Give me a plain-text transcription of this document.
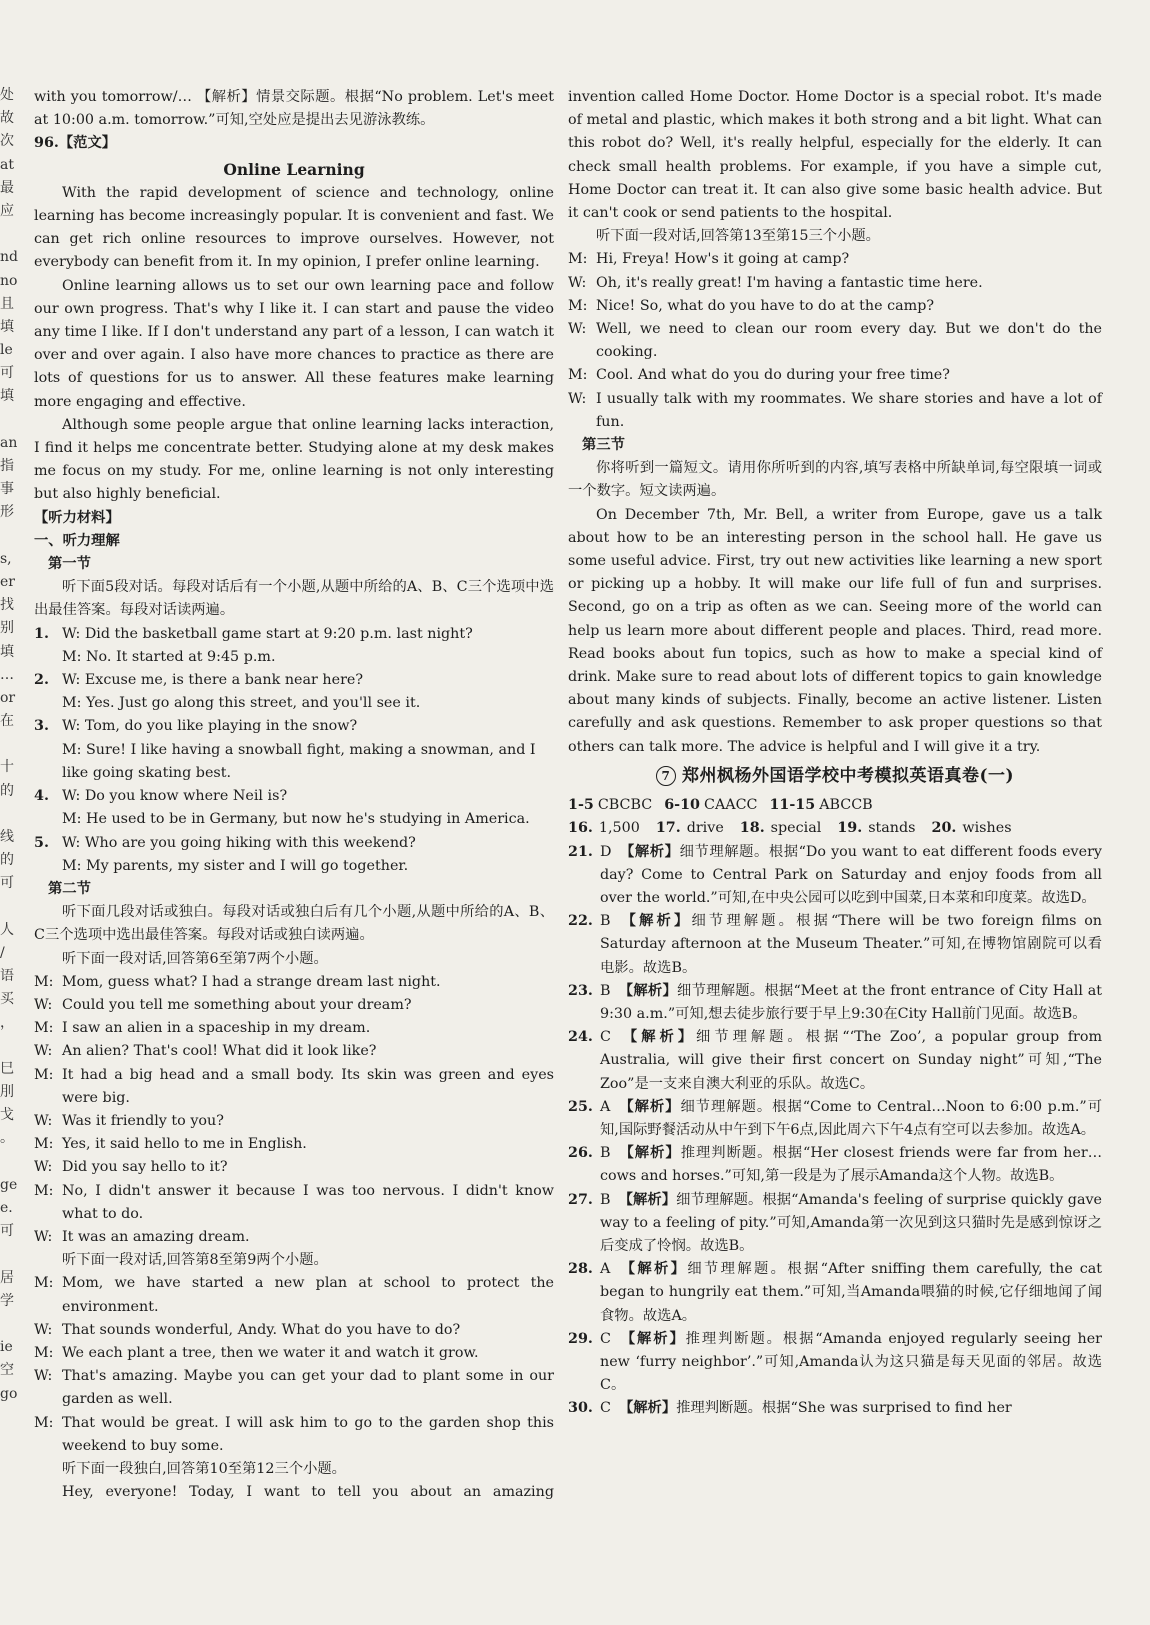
处
故
次
at
最
应
nd
no
且
填
le
可
填
an
指
事
形
s,
er
找
别
填
…
or
在
十
的
线
的
可
人
/
语
买
，
巳
刖
戈
。
ge
e.
可
居
学
ie
空
go

with you tomorrow/… 【解析】情景交际题。根据“No problem. Let's meet at 10:00 a.m. tomorrow.”可知,空处应是提出去见游泳教练。

96.【范文】
Online Learning

With the rapid development of science and technology, online learning has become increasingly popular. It is convenient and fast. We can get rich online resources to improve ourselves. However, not everybody can benefit from it. In my opinion, I prefer online learning.

Online learning allows us to set our own learning pace and follow our own progress. That's why I like it. I can start and pause the video any time I like. If I don't understand any part of a lesson, I can watch it over and over again. I also have more chances to practice as there are lots of questions for us to answer. All these features make learning more engaging and effective.

Although some people argue that online learning lacks interaction, I find it helps me concentrate better. Studying alone at my desk makes me focus on my study. For me, online learning is not only interesting but also highly beneficial.

【听力材料】
一、听力理解
第一节

听下面5段对话。每段对话后有一个小题,从题中所给的A、B、C三个选项中选出最佳答案。每段对话读两遍。

1. W: Did the basketball game start at 9:20 p.m. last night?
M: No. It started at 9:45 p.m.
2. W: Excuse me, is there a bank near here?
M: Yes. Just go along this street, and you'll see it.
3. W: Tom, do you like playing in the snow?
M: Sure! I like having a snowball fight, making a snowman, and I like going skating best.
4. W: Do you know where Neil is?
M: He used to be in Germany, but now he's studying in America.
5. W: Who are you going hiking with this weekend?
M: My parents, my sister and I will go together.
第二节

听下面几段对话或独白。每段对话或独白后有几个小题,从题中所给的A、B、C三个选项中选出最佳答案。每段对话或独白读两遍。

听下面一段对话,回答第6至第7两个小题。

M: Mom, guess what? I had a strange dream last night.
W: Could you tell me something about your dream?
M: I saw an alien in a spaceship in my dream.
W: An alien? That's cool! What did it look like?
M: It had a big head and a small body. Its skin was green and eyes were big.
W: Was it friendly to you?
M: Yes, it said hello to me in English.
W: Did you say hello to it?
M: No, I didn't answer it because I was too nervous. I didn't know what to do.
W: It was an amazing dream.

听下面一段对话,回答第8至第9两个小题。

M: Mom, we have started a new plan at school to protect the environment.
W: That sounds wonderful, Andy. What do you have to do?
M: We each plant a tree, then we water it and watch it grow.
W: That's amazing. Maybe you can get your dad to plant some in our garden as well.
M: That would be great. I will ask him to go to the garden shop this weekend to buy some.

听下面一段独白,回答第10至第12三个小题。

Hey, everyone! Today, I want to tell you about an amazing

invention called Home Doctor. Home Doctor is a special robot. It's made of metal and plastic, which makes it both strong and a bit light. What can this robot do? Well, it's really helpful, especially for the elderly. It can check small health problems. For example, if you have a simple cut, Home Doctor can treat it. It can also give some basic health advice. But it can't cook or send patients to the hospital.

听下面一段对话,回答第13至第15三个小题。

M: Hi, Freya! How's it going at camp?
W: Oh, it's really great! I'm having a fantastic time here.
M: Nice! So, what do you have to do at the camp?
W: Well, we need to clean our room every day. But we don't do the cooking.
M: Cool. And what do you do during your free time?
W: I usually talk with my roommates. We share stories and have a lot of fun.
第三节

你将听到一篇短文。请用你所听到的内容,填写表格中所缺单词,每空限填一词或一个数字。短文读两遍。

On December 7th, Mr. Bell, a writer from Europe, gave us a talk about how to be an interesting person in the school hall. He gave us some useful advice. First, try out new activities like learning a new sport or picking up a hobby. It will make our life full of fun and surprises. Second, go on a trip as often as we can. Seeing more of the world can help us learn more about different people and places. Third, read more. Read books about fun topics, such as how to make a special kind of drink. Make sure to read about lots of different topics to gain knowledge about many kinds of subjects. Finally, become an active listener. Listen carefully and ask questions. Remember to ask proper questions so that others can talk more. The advice is helpful and I will give it a try.

7 郑州枫杨外国语学校中考模拟英语真卷(一)
1-5 CBCBC 6-10 CAACC 11-15 ABCCB
16. 1,500 17. drive 18. special 19. stands 20. wishes
21. D 【解析】细节理解题。根据“Do you want to eat different foods every day? Come to Central Park on Saturday and enjoy foods from all over the world.”可知,在中央公园可以吃到中国菜,日本菜和印度菜。故选D。
22. B 【解析】细节理解题。根据“There will be two foreign films on Saturday afternoon at the Museum Theater.”可知,在博物馆剧院可以看电影。故选B。
23. B 【解析】细节理解题。根据“Meet at the front entrance of City Hall at 9:30 a.m.”可知,想去徒步旅行要于早上9:30在City Hall前门见面。故选B。
24. C 【解析】细节理解题。根据“‘The Zoo’, a popular group from Australia, will give their first concert on Sunday night”可知,“The Zoo”是一支来自澳大利亚的乐队。故选C。
25. A 【解析】细节理解题。根据“Come to Central…Noon to 6:00 p.m.”可知,国际野餐活动从中午到下午6点,因此周六下午4点有空可以去参加。故选A。
26. B 【解析】推理判断题。根据“Her closest friends were far from her…cows and horses.”可知,第一段是为了展示Amanda这个人物。故选B。
27. B 【解析】细节理解题。根据“Amanda's feeling of surprise quickly gave way to a feeling of pity.”可知,Amanda第一次见到这只猫时先是感到惊讶之后变成了怜悯。故选B。
28. A 【解析】细节理解题。根据“After sniffing them carefully, the cat began to hungrily eat them.”可知,当Amanda喂猫的时候,它仔细地闻了闻食物。故选A。
29. C 【解析】推理判断题。根据“Amanda enjoyed regularly seeing her new ‘furry neighbor’.”可知,Amanda认为这只猫是每天见面的邻居。故选C。
30. C 【解析】推理判断题。根据“She was surprised to find her
